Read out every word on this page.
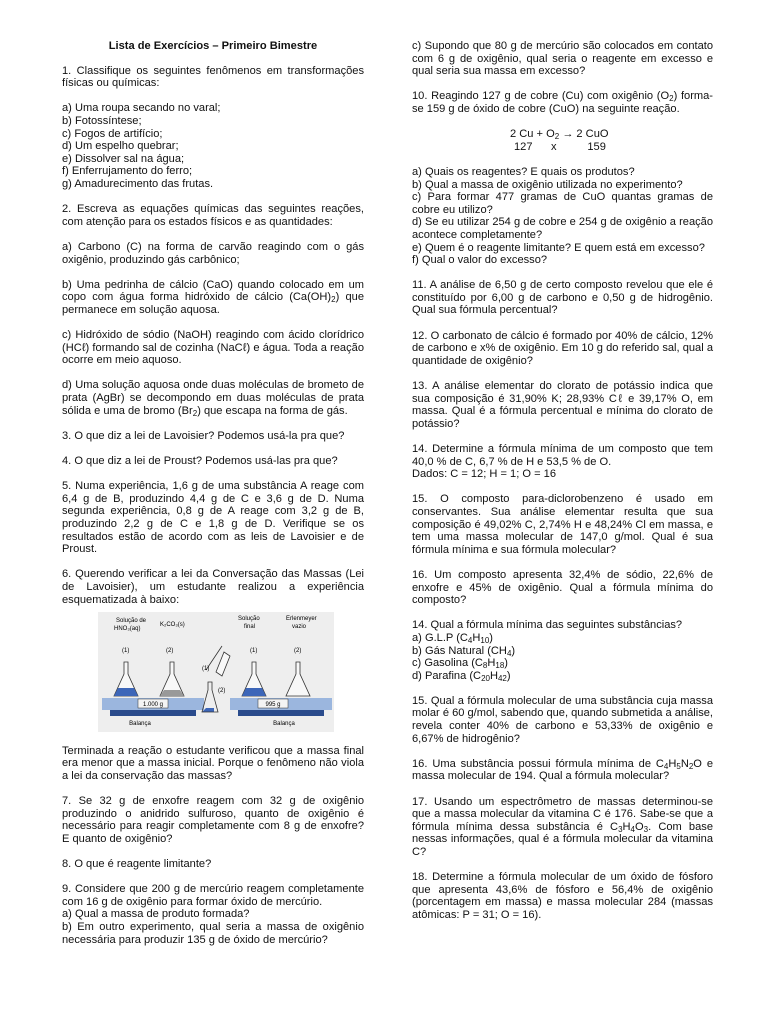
Lista de Exercícios – Primeiro Bimestre

1. Classifique os seguintes fenômenos em transformações físicas ou químicas:

a) Uma roupa secando no varal;

b) Fotossíntese;

c) Fogos de artifício;

d) Um espelho quebrar;

e) Dissolver sal na água;

f) Enferrujamento do ferro;

g) Amadurecimento das frutas.

2. Escreva as equações químicas das seguintes reações, com atenção para os estados físicos e as quantidades:

a) Carbono (C) na forma de carvão reagindo com o gás oxigênio, produzindo gás carbônico;

b) Uma pedrinha de cálcio (CaO) quando colocado em um copo com água forma hidróxido de cálcio $(Ca(OH)_2)$ que permanece em solução aquosa.

c) Hidróxido de sódio (NaOH) reagindo com ácido clorídrico (HCℓ) formando sal de cozinha (NaCℓ) e água. Toda a reação ocorre em meio aquoso.

d) Uma solução aquosa onde duas moléculas de brometo de prata (AgBr) se decompondo em duas moléculas de prata sólida e uma de bromo $(Br_2)$ que escapa na forma de gás.

3. O que diz a lei de Lavoisier? Podemos usá-la pra que?

4. O que diz a lei de Proust? Podemos usá-las pra que?

5. Numa experiência, 1,6 g de uma substância A reage com 6,4 g de B, produzindo 4,4 g de C e 3,6 g de D. Numa segunda experiência, 0,8 g de A reage com 3,2 g de B, produzindo 2,2 g de C e 1,8 g de D. Verifique se os resultados estão de acordo com as leis de Lavoisier e de Proust.

6. Querendo verificar a lei da Conversação das Massas (Lei de Lavoisier), um estudante realizou a experiência esquematizada à baixo:

1.000 g
Balança
Solução de
HNO₃(aq)
K₂CO₃(s)
(1)	(2)
(1)
(2)
995 g
Balança
Solução
final
Erlenmeyer
vazio
(1)	(2)

Terminada a reação o estudante verificou que a massa final era menor que a massa inicial. Porque o fenômeno não viola a lei da conservação das massas?

7. Se 32 g de enxofre reagem com 32 g de oxigênio produzindo o anidrido sulfuroso, quanto de oxigênio é necessário para reagir completamente com 8 g de enxofre? E quanto de oxigênio?

8. O que é reagente limitante?

9. Considere que 200 g de mercúrio reagem completamente com 16 g de oxigênio para formar óxido de mercúrio.

a) Qual a massa de produto formada?

b) Em outro experimento, qual seria a massa de oxigênio necessária para produzir 135 g de óxido de mercúrio?

c) Supondo que 80 g de mercúrio são colocados em contato com 6 g de oxigênio, qual seria o reagente em excesso e qual seria sua massa em excesso?

10. Reagindo 127 g de cobre (Cu) com oxigênio $(O_2)$ forma-se 159 g de óxido de cobre (CuO) na seguinte reação.

2 $Cu + O_2 \to 2$ CuO
127      x          159

a) Quais os reagentes? E quais os produtos?

b) Qual a massa de oxigênio utilizada no experimento?

c) Para formar 477 gramas de CuO quantas gramas de cobre eu utilizo?

d) Se eu utilizar 254 g de cobre e 254 g de oxigênio a reação acontece completamente?

e) Quem é o reagente limitante? E quem está em excesso?

f) Qual o valor do excesso?

11. A análise de 6,50 g de certo composto revelou que ele é constituído por 6,00 g de carbono e 0,50 g de hidrogênio. Qual sua fórmula percentual?

12. O carbonato de cálcio é formado por 40% de cálcio, 12% de carbono e x% de oxigênio. Em 10 g do referido sal, qual a quantidade de oxigênio?

13. A análise elementar do clorato de potássio indica que sua composição é 31,90% K; 28,93% Cℓ e 39,17% O, em massa. Qual é a fórmula percentual e mínima do clorato de potássio?

14. Determine a fórmula mínima de um composto que tem 40,0 % de C, 6,7 % de H e 53,5 % de O.

Dados: C = 12; H = 1; O = 16

15. O composto para-diclorobenzeno é usado em conservantes. Sua análise elementar resulta que sua composição é 49,02% C, 2,74% H e 48,24% Cl em massa, e tem uma massa molecular de 147,0 g/mol. Qual é sua fórmula mínima e sua fórmula molecular?

16. Um composto apresenta 32,4% de sódio, 22,6% de enxofre e 45% de oxigênio. Qual a fórmula mínima do composto?

14. Qual a fórmula mínima das seguintes substâncias?

a) G.L.P $(C_4H_{10})$

b) Gás Natural $(CH_4)$

c) Gasolina $(C_8H_{18})$

d) Parafina $(C_{20}H_{42})$

15. Qual a fórmula molecular de uma substância cuja massa molar é 60 g/mol, sabendo que, quando submetida a análise, revela conter 40% de carbono e 53,33% de oxigênio e 6,67% de hidrogênio?

16. Uma substância possui fórmula mínima de $C_4H_5N_2O$ e massa molecular de 194. Qual a fórmula molecular?

17. Usando um espectrômetro de massas determinou-se que a massa molecular da vitamina C é 176. Sabe-se que a fórmula mínima dessa substância é $C_3H_4O_3$. Com base nessas informações, qual é a fórmula molecular da vitamina C?

18. Determine a fórmula molecular de um óxido de fósforo que apresenta 43,6% de fósforo e 56,4% de oxigênio (porcentagem em massa) e massa molecular 284 (massas atômicas: P = 31; O = 16).
